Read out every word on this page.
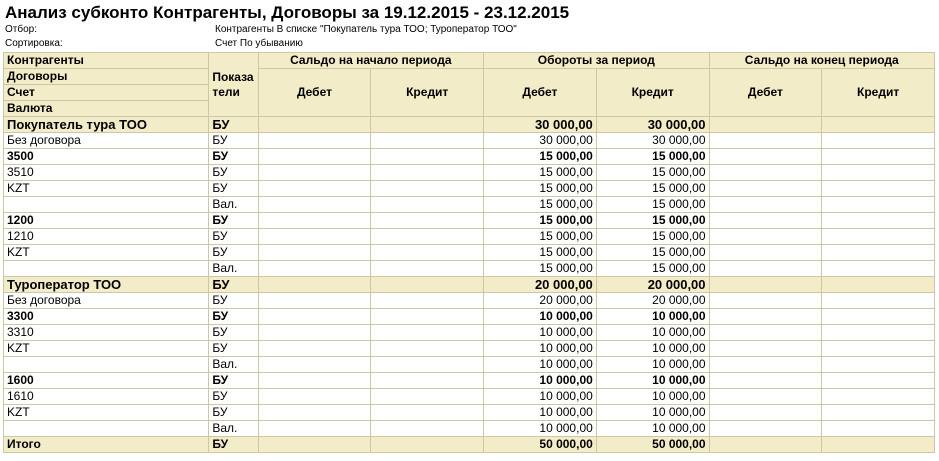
Анализ субконто Контрагенты, Договоры за 19.12.2015 - 23.12.2015
Отбор:	Контрагенты В списке "Покупатель тура ТОО; Туроператор ТОО"
Сортировка:	Счет По убыванию
Контрагенты	Показа тели	Сальдо на начало периода		Обороты за период		Сальдо на конец периода	
Договоры		Дебет	Кредит	Дебет	Кредит	Дебет	Кредит
Счет							
Валюта							
Покупатель тура ТОО	БУ			30 000,00	30 000,00		
Без договора	БУ			30 000,00	30 000,00		
3500	БУ			15 000,00	15 000,00		
3510	БУ			15 000,00	15 000,00		
KZT	БУ			15 000,00	15 000,00		
	Вал.			15 000,00	15 000,00		
1200	БУ			15 000,00	15 000,00		
1210	БУ			15 000,00	15 000,00		
KZT	БУ			15 000,00	15 000,00		
	Вал.			15 000,00	15 000,00		
Туроператор ТОО	БУ			20 000,00	20 000,00		
Без договора	БУ			20 000,00	20 000,00		
3300	БУ			10 000,00	10 000,00		
3310	БУ			10 000,00	10 000,00		
KZT	БУ			10 000,00	10 000,00		
	Вал.			10 000,00	10 000,00		
1600	БУ			10 000,00	10 000,00		
1610	БУ			10 000,00	10 000,00		
KZT	БУ			10 000,00	10 000,00		
	Вал.			10 000,00	10 000,00		
Итого	БУ			50 000,00	50 000,00		
